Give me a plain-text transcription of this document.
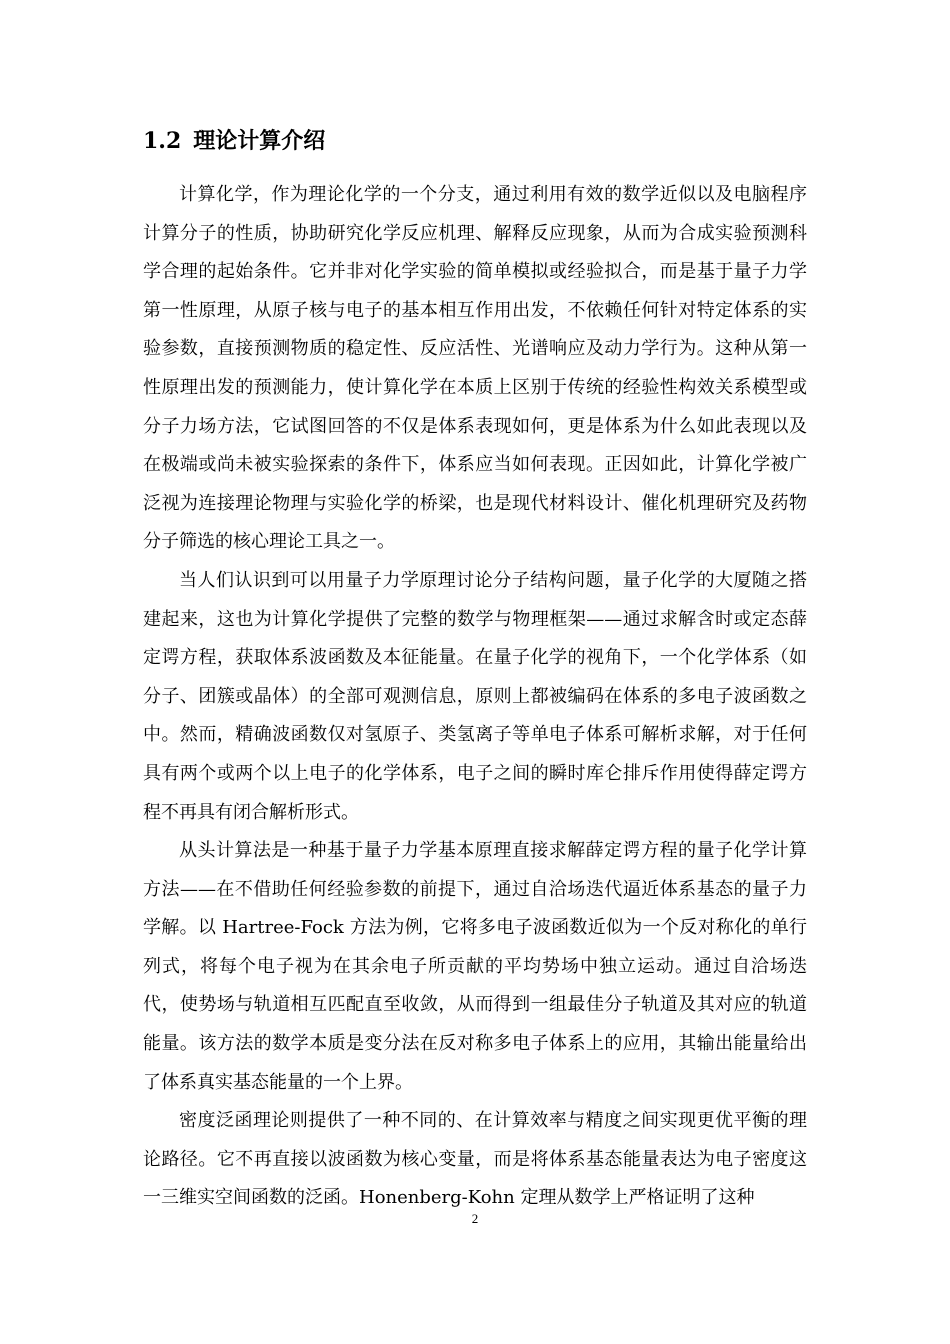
1.2 理论计算介绍

计算化学，作为理论化学的一个分支，通过利用有效的数学近似以及电脑程序计算分子的性质，协助研究化学反应机理、解释反应现象，从而为合成实验预测科学合理的起始条件。它并非对化学实验的简单模拟或经验拟合，而是基于量子力学第一性原理，从原子核与电子的基本相互作用出发，不依赖任何针对特定体系的实验参数，直接预测物质的稳定性、反应活性、光谱响应及动力学行为。这种从第一性原理出发的预测能力，使计算化学在本质上区别于传统的经验性构效关系模型或分子力场方法，它试图回答的不仅是体系表现如何，更是体系为什么如此表现以及在极端或尚未被实验探索的条件下，体系应当如何表现。正因如此，计算化学被广泛视为连接理论物理与实验化学的桥梁，也是现代材料设计、催化机理研究及药物分子筛选的核心理论工具之一。

当人们认识到可以用量子力学原理讨论分子结构问题，量子化学的大厦随之搭建起来，这也为计算化学提供了完整的数学与物理框架——通过求解含时或定态薛定谔方程，获取体系波函数及本征能量。在量子化学的视角下，一个化学体系（如分子、团簇或晶体）的全部可观测信息，原则上都被编码在体系的多电子波函数之中。然而，精确波函数仅对氢原子、类氢离子等单电子体系可解析求解，对于任何具有两个或两个以上电子的化学体系，电子之间的瞬时库仑排斥作用使得薛定谔方程不再具有闭合解析形式。

从头计算法是一种基于量子力学基本原理直接求解薛定谔方程的量子化学计算方法——在不借助任何经验参数的前提下，通过自洽场迭代逼近体系基态的量子力学解。以 Hartree-Fock 方法为例，它将多电子波函数近似为一个反对称化的单行列式，将每个电子视为在其余电子所贡献的平均势场中独立运动。通过自洽场迭代，使势场与轨道相互匹配直至收敛，从而得到一组最佳分子轨道及其对应的轨道能量。该方法的数学本质是变分法在反对称多电子体系上的应用，其输出能量给出了体系真实基态能量的一个上界。

密度泛函理论则提供了一种不同的、在计算效率与精度之间实现更优平衡的理论路径。它不再直接以波函数为核心变量，而是将体系基态能量表达为电子密度这一三维实空间函数的泛函。Honenberg-Kohn 定理从数学上严格证明了这种

2
